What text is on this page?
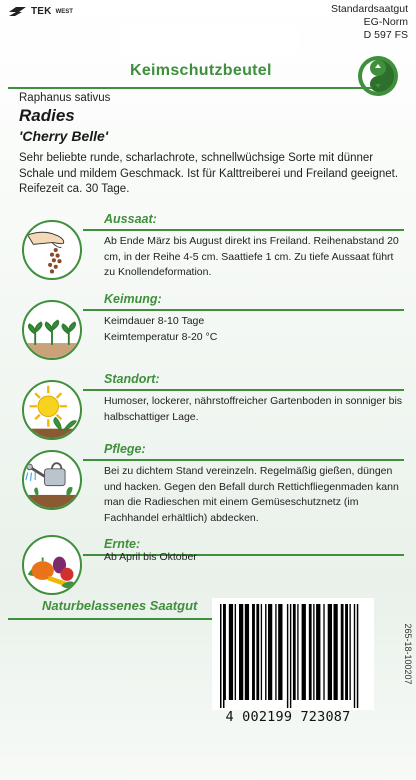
TEK WEST	Standardsaatgut
EG-Norm
D 597 FS
Keimschutzbeutel
Raphanus sativus
Radies
'Cherry Belle'
Sehr beliebte runde, scharlachrote, schnellwüchsige Sorte mit dünner Schale und mildem Geschmack. Ist für Kalttreiberei und Freiland geeignet. Reifezeit ca. 30 Tage.
Aussaat:
Ab Ende März bis August direkt ins Freiland. Reihenabstand 20 cm, in der Reihe 4-5 cm. Saattiefe 1 cm. Zu tiefe Aussaat führt zu Knollendeformation.
Keimung:
Keimdauer 8-10 Tage
Keimtemperatur 8-20 °C
Standort:
Humoser, lockerer, nährstoffreicher Gartenboden in sonniger bis halbschattiger Lage.
Pflege:
Bei zu dichtem Stand vereinzeln. Regelmäßig gießen, düngen und hacken. Gegen den Befall durch Rettichfliegenmaden kann man die Radieschen mit einem Gemüseschutznetz (im Fachhandel erhältlich) abdecken.
Ernte:
Ab April bis Oktober
Naturbelassenes Saatgut
4 002199 723087
265-18-100207
